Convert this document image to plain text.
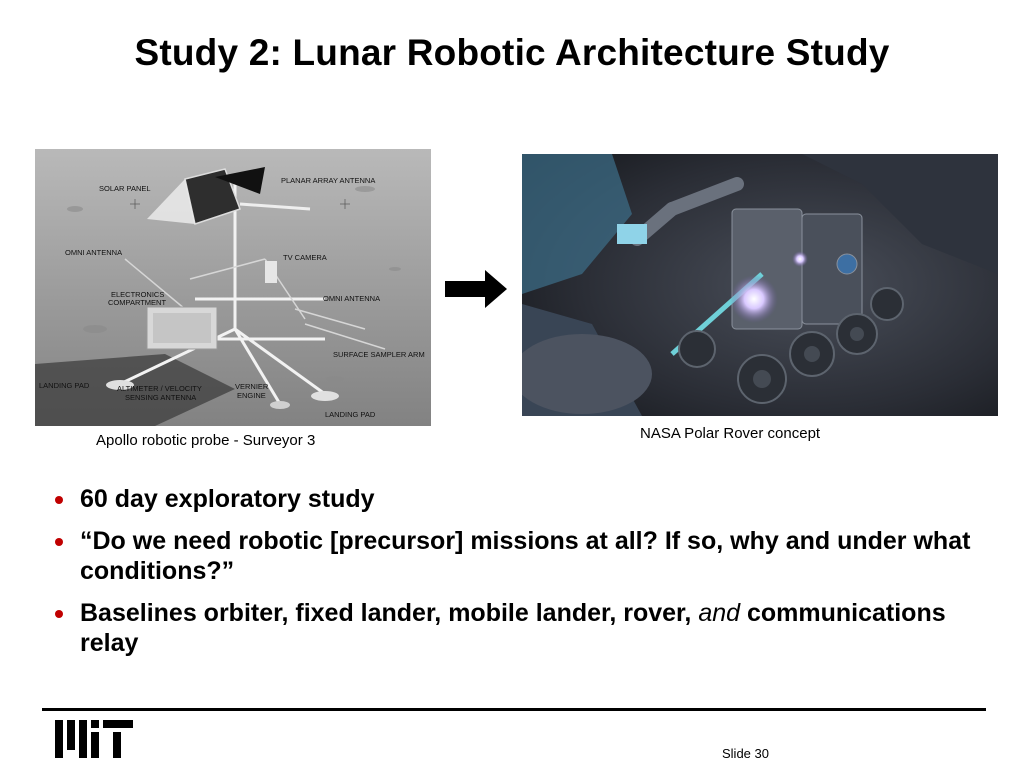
Study 2: Lunar Robotic Architecture Study
SOLAR PANEL
PLANAR ARRAY ANTENNA
OMNI ANTENNA
TV CAMERA
ELECTRONICS
COMPARTMENT	OMNI ANTENNA
SURFACE SAMPLER ARM
LANDING PAD	ALTIMETER / VELOCITY
SENSING ANTENNA
VERNIER
ENGINE
LANDING PAD
Apollo robotic probe - Surveyor 3	NASA Polar Rover concept
60 day exploratory study
“Do we need robotic [precursor] missions at all? If so, why and under what conditions?”
Baselines orbiter, fixed lander, mobile lander, rover, and communications relay
Slide 30
